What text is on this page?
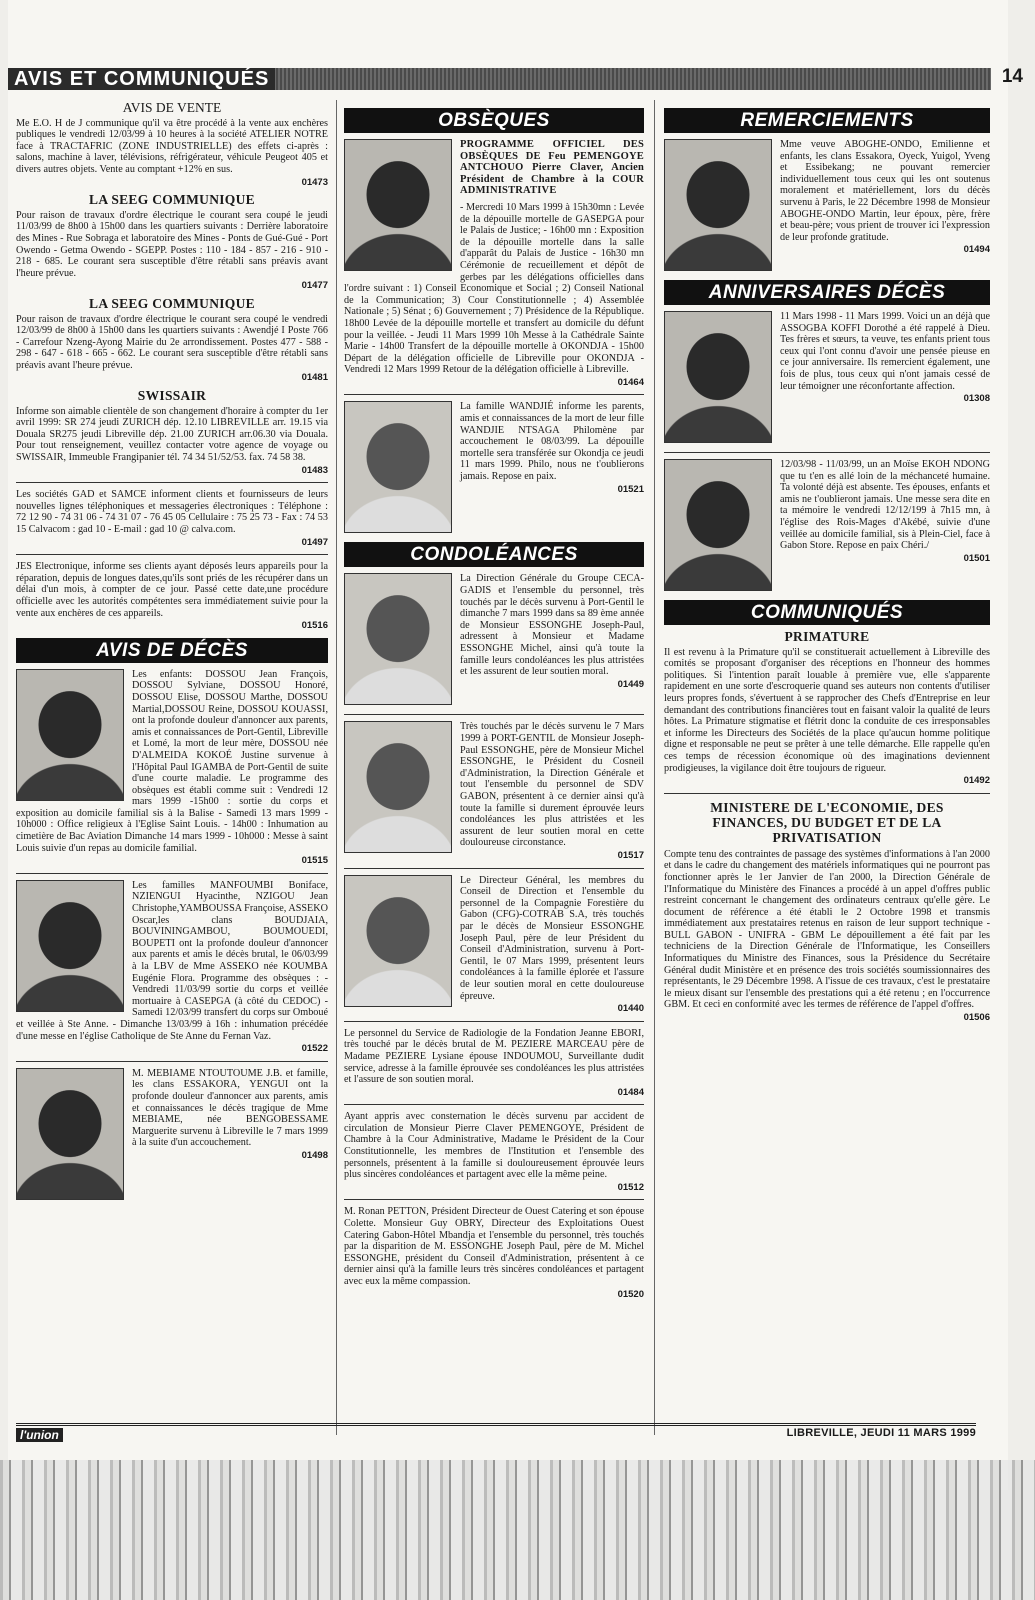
AVIS ET COMMUNIQUÉS	14
AVIS DE VENTE

Me E.O. H de J communique qu'il va être procédé à la vente aux enchères publiques le vendredi 12/03/99 à 10 heures à la société ATELIER NOTRE face à TRACTAFRIC (ZONE INDUSTRIELLE) des effets ci-après : salons, machine à laver, télévisions, réfrigérateur, véhicule Peugeot 405 et divers autres objets. Vente au comptant +12% en sus.

01473
LA SEEG COMMUNIQUE

Pour raison de travaux d'ordre électrique le courant sera coupé le jeudi 11/03/99 de 8h00 à 15h00 dans les quartiers suivants : Derrière laboratoire des Mines - Rue Sobraga et laboratoire des Mines - Ponts de Gué-Gué - Port Owendo - Getma Owendo - SGEPP. Postes : 110 - 184 - 857 - 216 - 910 - 218 - 685. Le courant sera susceptible d'être rétabli sans préavis avant l'heure prévue.

01477
LA SEEG COMMUNIQUE

Pour raison de travaux d'ordre électrique le courant sera coupé le vendredi 12/03/99 de 8h00 à 15h00 dans les quartiers suivants : Awendjé I Poste 766 - Carrefour Nzeng-Ayong Mairie du 2e arrondissement. Postes 477 - 588 - 298 - 647 - 618 - 665 - 662. Le courant sera susceptible d'être rétabli sans préavis avant l'heure prévue.

01481
SWISSAIR

Informe son aimable clientèle de son changement d'horaire à compter du 1er avril 1999: SR 274 jeudi ZURICH dép. 12.10 LIBREVILLE arr. 19.15 via Douala SR275 jeudi Libreville dép. 21.00 ZURICH arr.06.30 via Douala. Pour tout renseignement, veuillez contacter votre agence de voyage ou SWISSAIR, Immeuble Frangipanier tél. 74 34 51/52/53. fax. 74 58 38.

01483

Les sociétés GAD et SAMCE informent clients et fournisseurs de leurs nouvelles lignes téléphoniques et messageries électroniques : Téléphone : 72 12 90 - 74 31 06 - 74 31 07 - 76 45 05 Cellulaire : 75 25 73 - Fax : 74 53 15 Calvacom : gad 10 - E-mail : gad 10 @ calva.com.

01497

JES Electronique, informe ses clients ayant déposés leurs appareils pour la réparation, depuis de longues dates,qu'ils sont priés de les récupérer dans un délai d'un mois, à compter de ce jour. Passé cette date,une procédure officielle avec les autorités compétentes sera immédiatement suivie pour la vente aux enchères de ces appareils.

01516
AVIS DE DÉCÈS

Les enfants: DOSSOU Jean François, DOSSOU Sylviane, DOSSOU Honoré, DOSSOU Elise, DOSSOU Marthe, DOSSOU Martial,DOSSOU Reine, DOSSOU KOUASSI, ont la profonde douleur d'annoncer aux parents, amis et connaissances de Port-Gentil, Libreville et Lomé, la mort de leur mère, DOSSOU née D'ALMEIDA KOKOÉ Justine survenue à l'Hôpital Paul IGAMBA de Port-Gentil de suite d'une courte maladie. Le programme des obsèques est établi comme suit : Vendredi 12 mars 1999 -15h00 : sortie du corps et exposition au domicile familial sis à la Balise - Samedi 13 mars 1999 - 10h000 : Office religieux à l'Eglise Saint Louis. - 14h00 : Inhumation au cimetière de Bac Aviation Dimanche 14 mars 1999 - 10h000 : Messe à saint Louis suivie d'un repas au domicile familial.

01515

Les familles MANFOUMBI Boniface, NZIENGUI Hyacinthe, NZIGOU Jean Christophe,YAMBOUSSA Françoise, ASSEKO Oscar,les clans BOUDJAIA, BOUVININGAMBOU, BOUMOUEDI, BOUPETI ont la profonde douleur d'annoncer aux parents et amis le décès brutal, le 06/03/99 à la LBV de Mme ASSEKO née KOUMBA Eugénie Flora. Programme des obsèques : - Vendredi 11/03/99 sortie du corps et veillée mortuaire à CASEPGA (à côté du CEDOC) - Samedi 12/03/99 transfert du corps sur Omboué et veillée à Ste Anne. - Dimanche 13/03/99 à 16h : inhumation précédée d'une messe en l'église Catholique de Ste Anne du Fernan Vaz.

01522

M. MEBIAME NTOUTOUME J.B. et famille, les clans ESSAKORA, YENGUI ont la profonde douleur d'annoncer aux parents, amis et connaissances le décès tragique de Mme MEBIAME, née BENGOBESSAME Marguerite survenu à Libreville le 7 mars 1999 à la suite d'un accouchement.

01498
OBSÈQUES

PROGRAMME OFFICIEL DES OBSÈQUES DE Feu PEMENGOYE ANTCHOUO Pierre Claver, Ancien Président de Chambre à la COUR ADMINISTRATIVE

- Mercredi 10 Mars 1999 à 15h30mn : Levée de la dépouille mortelle de GASEPGA pour le Palais de Justice; - 16h00 mn : Exposition de la dépouille mortelle dans la salle d'apparât du Palais de Justice - 16h30 mn Cérémonie de recueillement et dépôt de gerbes par les délégations officielles dans l'ordre suivant : 1) Conseil Economique et Social ; 2) Conseil National de la Communication; 3) Cour Constitutionnelle ; 4) Assemblée Nationale ; 5) Sénat ; 6) Gouvernement ; 7) Présidence de la République. 18h00 Levée de la dépouille mortelle et transfert au domicile du défunt pour la veillée. - Jeudi 11 Mars 1999 10h Messe à la Cathédrale Sainte Marie - 14h00 Transfert de la dépouille mortelle à OKONDJA - 15h00 Départ de la délégation officielle de Libreville pour OKONDJA - Vendredi 12 Mars 1999 Retour de la délégation officielle à Libreville.

01464

La famille WANDJIÉ informe les parents, amis et connaissances de la mort de leur fille WANDJIE NTSAGA Philomène par accouchement le 08/03/99. La dépouille mortelle sera transférée sur Okondja ce jeudi 11 mars 1999. Philo, nous ne t'oublierons jamais. Repose en paix.

01521
CONDOLÉANCES

La Direction Générale du Groupe CECA-GADIS et l'ensemble du personnel, très touchés par le décès survenu à Port-Gentil le dimanche 7 mars 1999 dans sa 89 ème année de Monsieur ESSONGHE Joseph-Paul, adressent à Monsieur et Madame ESSONGHE Michel, ainsi qu'à toute la famille leurs condoléances les plus attristées et les assurent de leur soutien moral.

01449

Très touchés par le décès survenu le 7 Mars 1999 à PORT-GENTIL de Monsieur Joseph-Paul ESSONGHE, père de Monsieur Michel ESSONGHE, le Président du Cosneil d'Administration, la Direction Générale et tout l'ensemble du personnel de SDV GABON, présentent à ce dernier ainsi qu'à toute la famille si durement éprouvée leurs condoléances les plus attristées et les assurent de leur soutien moral en cette douloureuse circonstance.

01517

Le Directeur Général, les membres du Conseil de Direction et l'ensemble du personnel de la Compagnie Forestière du Gabon (CFG)-COTRAB S.A, très touchés par le décès de Monsieur ESSONGHE Joseph Paul, père de leur Président du Conseil d'Administration, survenu à Port-Gentil, le 07 Mars 1999, présentent leurs condoléances à la famille éplorée et l'assure de leur soutien moral en cette douloureuse épreuve.

01440

Le personnel du Service de Radiologie de la Fondation Jeanne EBORI, très touché par le décès brutal de M. PEZIERE MARCEAU père de Madame PEZIERE Lysiane épouse INDOUMOU, Surveillante dudit service, adresse à la famille éprouvée ses condoléances les plus attristées et l'assure de son soutien moral.

01484

Ayant appris avec consternation le décès survenu par accident de circulation de Monsieur Pierre Claver PEMENGOYE, Président de Chambre à la Cour Administrative, Madame le Président de la Cour Constitutionnelle, les membres de l'Institution et l'ensemble des personnels, présentent à la famille si douloureusement éprouvée leurs plus sincères condoléances et partagent avec elle la même peine.

01512

M. Ronan PETTON, Président Directeur de Ouest Catering et son épouse Colette. Monsieur Guy OBRY, Directeur des Exploitations Ouest Catering Gabon-Hôtel Mbandja et l'ensemble du personnel, très touchés par la disparition de M. ESSONGHE Joseph Paul, père de M. Michel ESSONGHE, président du Conseil d'Administration, présentent à ce dernier ainsi qu'à la famille leurs très sincères condoléances et partagent avec eux la même compassion.

01520
REMERCIEMENTS

Mme veuve ABOGHE-ONDO, Emilienne et enfants, les clans Essakora, Oyeck, Yuigol, Yveng et Essibekang; ne pouvant remercier individuellement tous ceux qui les ont soutenus moralement et matériellement, lors du décès survenu à Paris, le 22 Décembre 1998 de Monsieur ABOGHE-ONDO Martin, leur époux, père, frère et beau-père; vous prient de trouver ici l'expression de leur profonde gratitude.

01494
ANNIVERSAIRES DÉCÈS

11 Mars 1998 - 11 Mars 1999. Voici un an déjà que ASSOGBA KOFFI Dorothé a été rappelé à Dieu. Tes frères et sœurs, ta veuve, tes enfants prient tous ceux qui l'ont connu d'avoir une pensée pieuse en ce jour anniversaire. Ils remercient également, une fois de plus, tous ceux qui n'ont jamais cessé de leur témoigner une réconfortante affection.

01308

12/03/98 - 11/03/99, un an Moïse EKOH NDONG que tu t'en es allé loin de la méchanceté humaine. Ta volonté déjà est absente. Tes épouses, enfants et amis ne t'oublieront jamais. Une messe sera dite en ta mémoire le vendredi 12/12/199 à 7h15 mn, à l'église des Rois-Mages d'Akébé, suivie d'une veillée au domicile familial, sis à Plein-Ciel, face à Gabon Store. Repose en paix Chéri./

01501
COMMUNIQUÉS
PRIMATURE

Il est revenu à la Primature qu'il se constituerait actuellement à Libreville des comités se proposant d'organiser des réceptions en l'honneur des hommes politiques. Si l'intention paraît louable à première vue, elle s'apparente rapidement en une sorte d'escroquerie quand ses auteurs non contents d'utiliser leurs propres fonds, s'évertuent à se rapprocher des Chefs d'Entreprise en leur demandant des contributions financières tout en faisant valoir la qualité de leurs hôtes. La Primature stigmatise et flétrit donc la conduite de ces irresponsables et informe les Directeurs des Sociétés de la place qu'aucun homme politique digne et responsable ne peut se prêter à une telle démarche. Elle rappelle qu'en ces temps de récession économique où des imaginations deviennent prodigieuses, la vigilance doit être toujours de rigueur.

01492
MINISTERE DE L'ECONOMIE, DES FINANCES, DU BUDGET ET DE LA PRIVATISATION

Compte tenu des contraintes de passage des systèmes d'informations à l'an 2000 et dans le cadre du changement des matériels informatiques qui ne pourront pas fonctionner après le 1er Janvier de l'an 2000, la Direction Générale de l'Informatique du Ministère des Finances a procédé à un appel d'offres public restreint concernant le changement des ordinateurs centraux qu'elle gère. Le document de référence a été établi le 2 Octobre 1998 et transmis immédiatement aux prestataires retenus en raison de leur support technique - BULL GABON - UNIFRA - GBM Le dépouillement a été fait par les techniciens de la Direction Générale de l'Informatique, les Conseillers Informatiques du Ministre des Finances, sous la Présidence du Secrétaire Général dudit Ministère et en présence des trois sociétés soumissionnaires des représentants, le 29 Décembre 1998. A l'issue de ces travaux, c'est le prestataire le mieux disant sur l'ensemble des prestations qui a été retenu ; en l'occurrence GBM. Et ceci en conformité avec les termes de référence de l'appel d'offres.

01506
l'union	LIBREVILLE, JEUDI 11 MARS 1999
